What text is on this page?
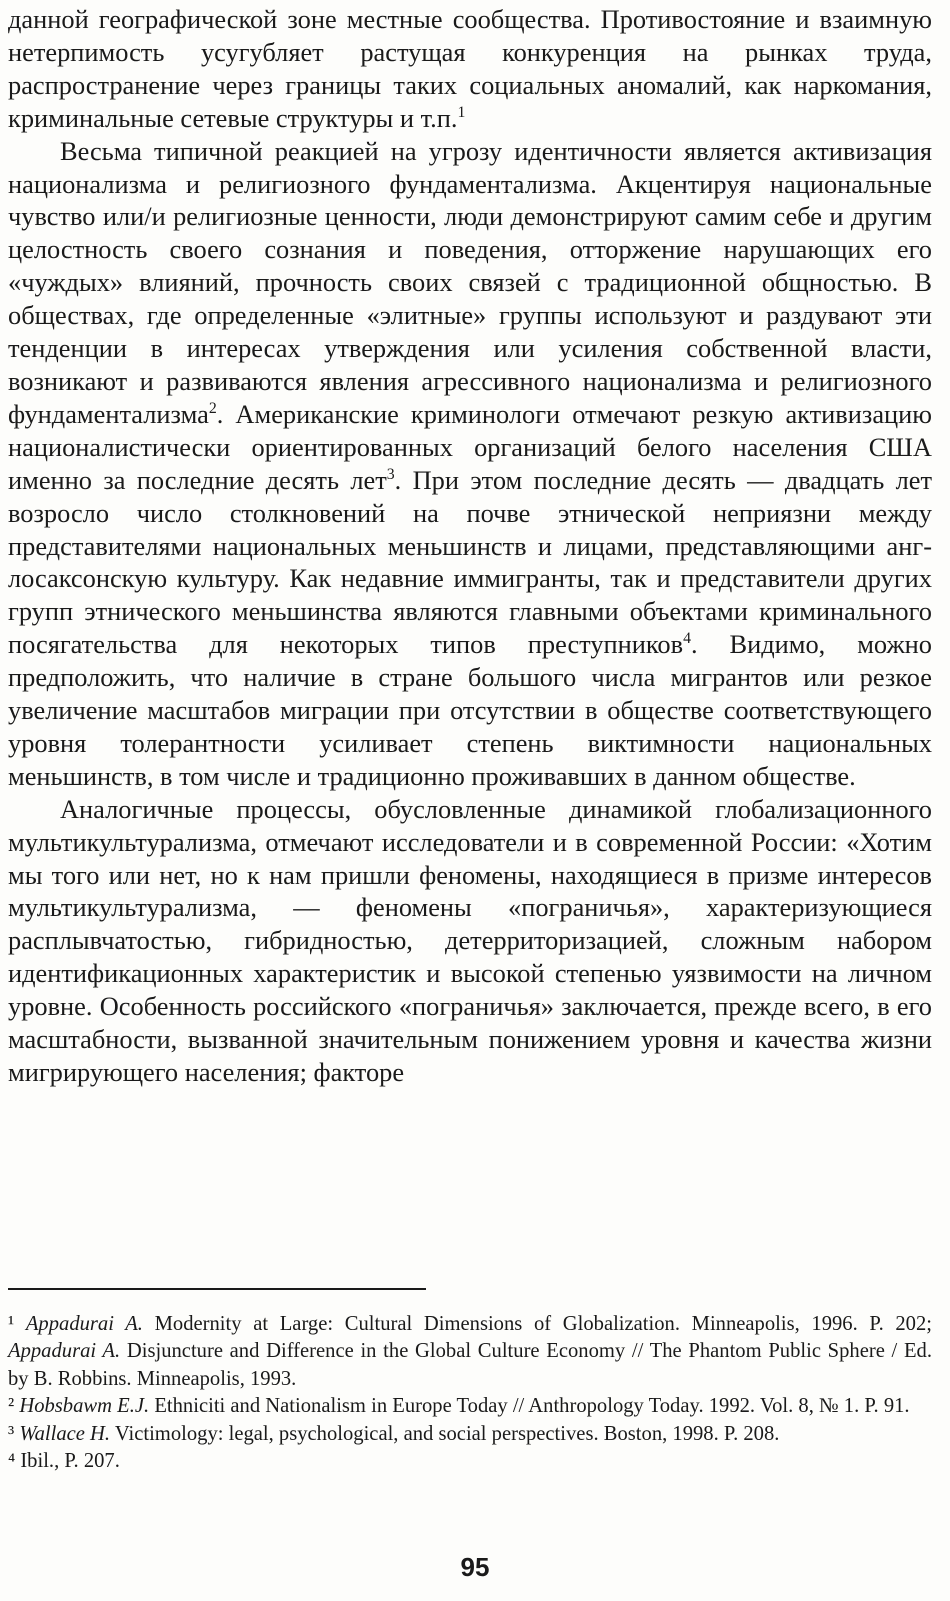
данной географической зоне местные сообщества. Противостояние и взаимную нетерпимость усугубляет растущая конкуренция на рынках труда, распространение через границы таких социальных аномалий, как наркомания, криминальные сетевые структуры и т.п.$^1$

Весьма типичной реакцией на угрозу идентичности является активизация национализма и религиозного фундаментализма. Акцентируя национальные чувство или/и религиозные ценности, люди демонстрируют самим себе и другим целостность своего сознания и поведения, отторжение нарушающих его «чуждых» влияний, прочность своих связей с традиционной общностью. В обществах, где определенные «элитные» группы используют и раздувают эти тенденции в интересах утверждения или усиления собственной власти, возникают и развиваются явления агрессивного национализма и религиозного фундаментализма$^2$. Американские криминологи отмечают резкую активизацию националистически ориентированных организаций белого населения США именно за последние десять лет$^3$. При этом последние десять — двадцать лет возросло число столкновений на почве этнической неприязни между представителями национальных меньшинств и лицами, представляющими англосаксонскую культуру. Как недавние иммигранты, так и представители других групп этнического меньшинства являются главными объектами криминального посягательства для некоторых типов преступников$^4$. Видимо, можно предположить, что наличие в стране большого числа мигрантов или резкое увеличение масштабов миграции при отсутствии в обществе соответствующего уровня толерантности усиливает степень виктимности национальных меньшинств, в том числе и традиционно проживавших в данном обществе.

Аналогичные процессы, обусловленные динамикой глобализационного мультикультурализма, отмечают исследователи и в современной России: «Хотим мы того или нет, но к нам пришли феномены, находящиеся в призме интересов мультикультурализма, — феномены «пограничья», характеризующиеся расплывчатостью, гибридностью, детерриторизацией, сложным набором идентификационных характеристик и высокой степенью уязвимости на личном уровне. Особенность российского «пограничья» заключается, прежде всего, в его масштабности, вызванной значительным понижением уровня и качества жизни мигрирующего населения; факторе

¹ Appadurai A. Modernity at Large: Cultural Dimensions of Globalization. Minneapolis, 1996. P. 202; Appadurai A. Disjuncture and Difference in the Global Culture Economy // The Phantom Public Sphere / Ed. by B. Robbins. Minneapolis, 1993.

² Hobsbawm E.J. Ethniciti and Nationalism in Europe Today // Anthropology Today. 1992. Vol. 8, № 1. P. 91.

³ Wallace H. Victimology: legal, psychological, and social perspectives. Boston, 1998. P. 208.

⁴ Ibil., P. 207.

95
